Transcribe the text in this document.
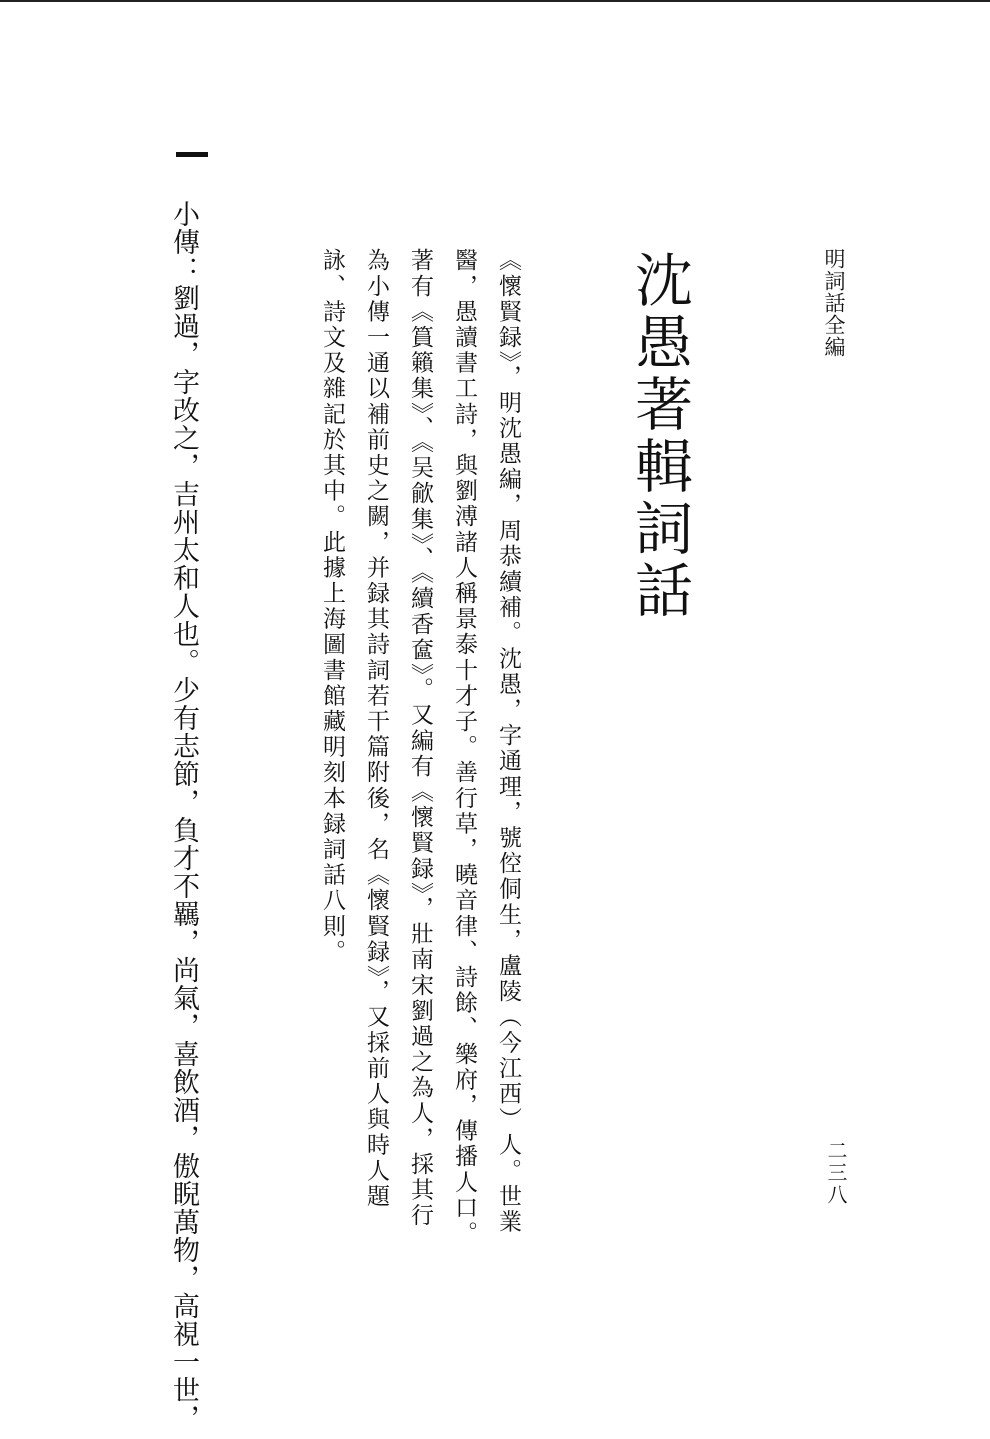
明詞話全編
二三八
沈愚著輯詞話

《懷賢録》，明沈愚編，周恭續補。沈愚，字通理，號倥侗生，盧陵（今江西）人。世業醫，愚讀書工詩，與劉溥諸人稱景泰十才子。善行草，曉音律、詩餘、樂府，傳播人口。著有《篔籟集》、《吴歈集》、《續香奩》。又編有《懷賢録》，壯南宋劉過之為人，採其行為小傳一通以補前史之闕，并録其詩詞若干篇附後，名《懷賢録》，又採前人與時人題詠、詩文及雜記於其中。此據上海圖書館藏明刻本録詞話八則。

小傳：劉過，字改之，吉州太和人也。少有志節，負才不羈，尚氣，喜飲酒，傲睨萬物，高視一世，
